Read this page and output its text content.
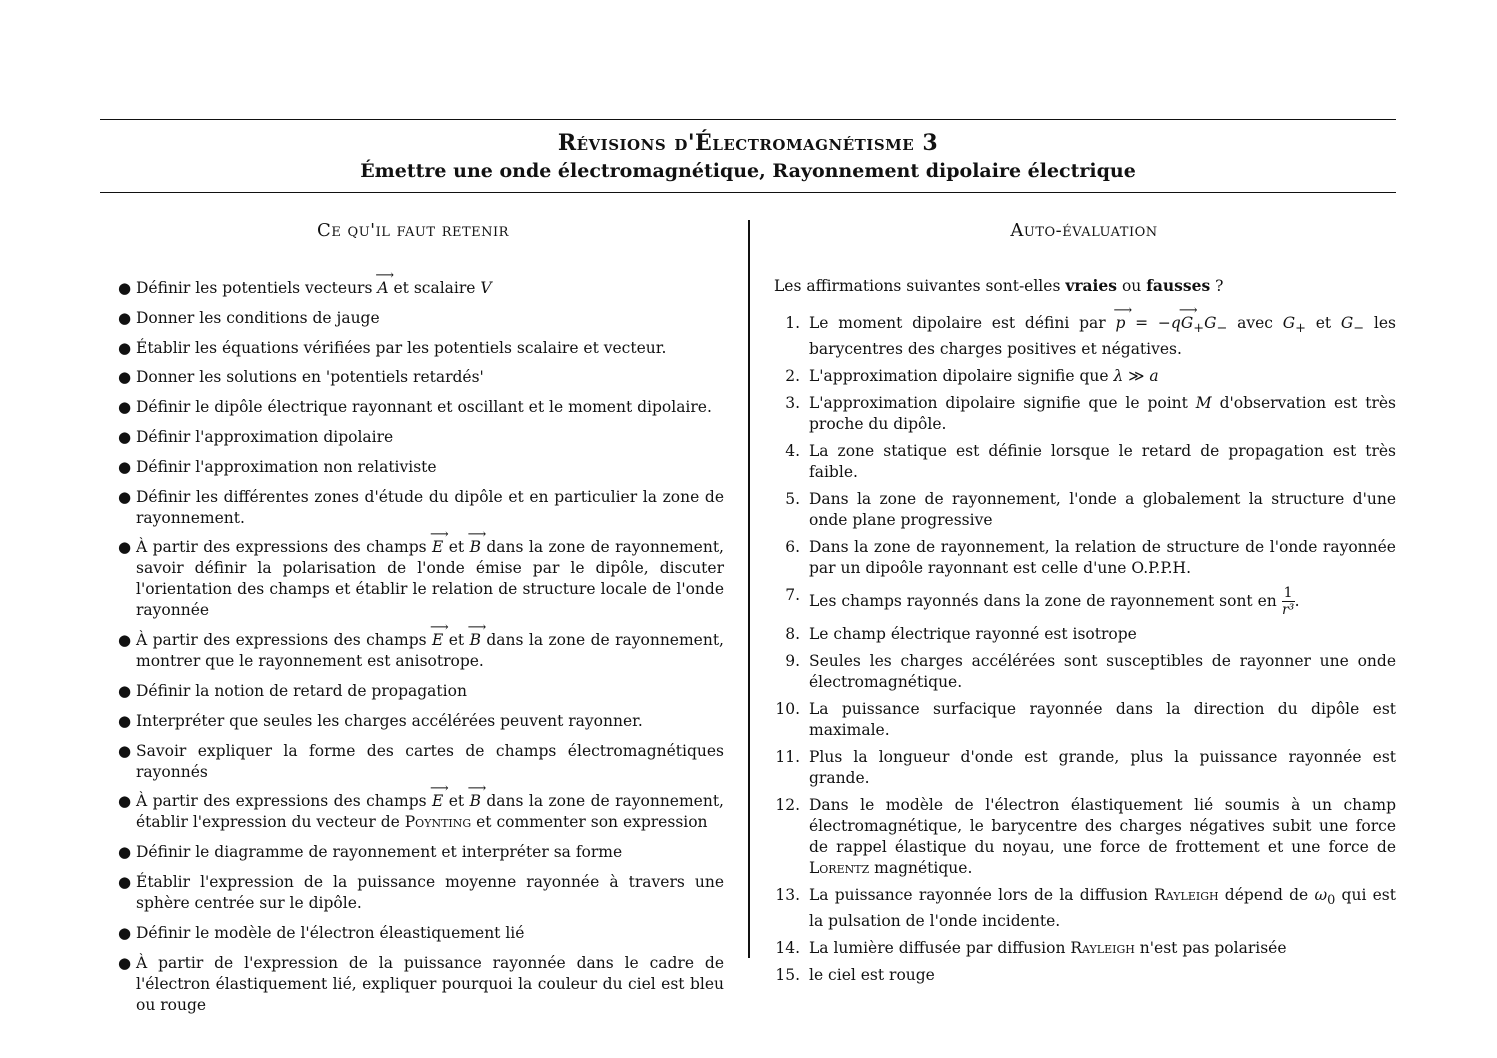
Révisions d'Électromagnétisme 3
Émettre une onde électromagnétique, Rayonnement dipolaire électrique
Ce qu'il faut retenir	Auto-évaluation
● Définir les potentiels vecteurs ⟶ A et scalaire V
● Donner les conditions de jauge
● Établir les équations vérifiées par les potentiels scalaire et vecteur.
● Donner les solutions en 'potentiels retardés'
● Définir le dipôle électrique rayonnant et oscillant et le moment dipolaire.
● Définir l'approximation dipolaire
● Définir l'approximation non relativiste
● Définir les différentes zones d'étude du dipôle et en particulier la zone de rayonnement.
● À partir des expressions des champs ⟶ E et ⟶ B dans la zone de rayonnement, savoir définir la polarisation de l'onde émise par le dipôle, discuter l'orientation des champs et établir le relation de structure locale de l'onde rayonnée
● À partir des expressions des champs ⟶ E et ⟶ B dans la zone de rayonnement, montrer que le rayonnement est anisotrope.
● Définir la notion de retard de propagation
● Interpréter que seules les charges accélérées peuvent rayonner.
● Savoir expliquer la forme des cartes de champs électromagnétiques rayonnés
● À partir des expressions des champs ⟶ E et ⟶ B dans la zone de rayonnement, établir l'expression du vecteur de Poynting et commenter son expression
● Définir le diagramme de rayonnement et interpréter sa forme
● Établir l'expression de la puissance moyenne rayonnée à travers une sphère centrée sur le dipôle.
● Définir le modèle de l'électron éleastiquement lié
● À partir de l'expression de la puissance rayonnée dans le cadre de l'électron élastiquement lié, expliquer pourquoi la couleur du ciel est bleu ou rouge
Les affirmations suivantes sont-elles vraies ou fausses ?
1. Le moment dipolaire est défini par ⟶ p = −q⟶ $G_+G_-$ avec $G_+$ et $G_-$ les barycentres des charges positives et négatives.
2. L'approximation dipolaire signifie que λ ≫ a
3. L'approximation dipolaire signifie que le point M d'observation est très proche du dipôle.
4. La zone statique est définie lorsque le retard de propagation est très faible.
5. Dans la zone de rayonnement, l'onde a globalement la structure d'une onde plane progressive
6. Dans la zone de rayonnement, la relation de structure de l'onde rayonnée par un dipoôle rayonnant est celle d'une O.P.P.H.
7. Les champs rayonnés dans la zone de rayonnement sont en $\frac{1}{\text{r³}}$ .
8. Le champ électrique rayonné est isotrope
9. Seules les charges accélérées sont susceptibles de rayonner une onde électromagnétique.
10. La puissance surfacique rayonnée dans la direction du dipôle est maximale.
11. Plus la longueur d'onde est grande, plus la puissance rayonnée est grande.
12. Dans le modèle de l'électron élastiquement lié soumis à un champ électromagnétique, le barycentre des charges négatives subit une force de rappel élastique du noyau, une force de frottement et une force de Lorentz magnétique.
13. La puissance rayonnée lors de la diffusion Rayleigh dépend de $\omega_0$ qui est la pulsation de l'onde incidente.
14. La lumière diffusée par diffusion Rayleigh n'est pas polarisée
15. le ciel est rouge
